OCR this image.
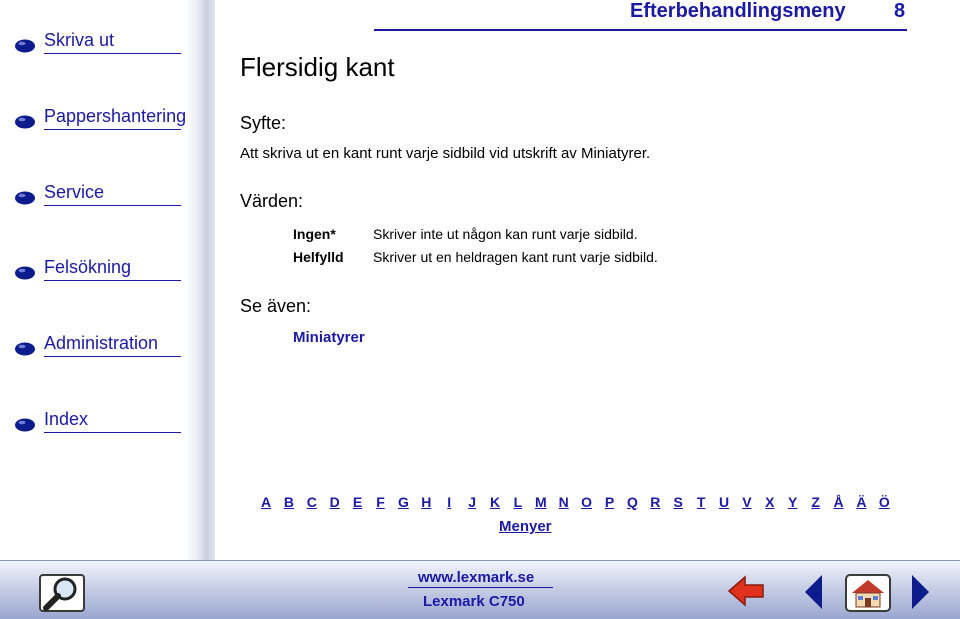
Skriva ut
Pappershantering
Service
Felsökning
Administration
Index
Efterbehandlingsmeny 8
Flersidig kant
Syfte:
Att skriva ut en kant runt varje sidbild vid utskrift av Miniatyrer.
Värden:
Ingen*	Skriver inte ut någon kan runt varje sidbild.
Helfylld Skriver ut en heldragen kant runt varje sidbild.
Se även:
Miniatyrer
A B C D E F G H	I	J K L M N O P Q R S T U V X Y Z Å Ä Ö
Menyer
www.lexmark.se
Lexmark C750
